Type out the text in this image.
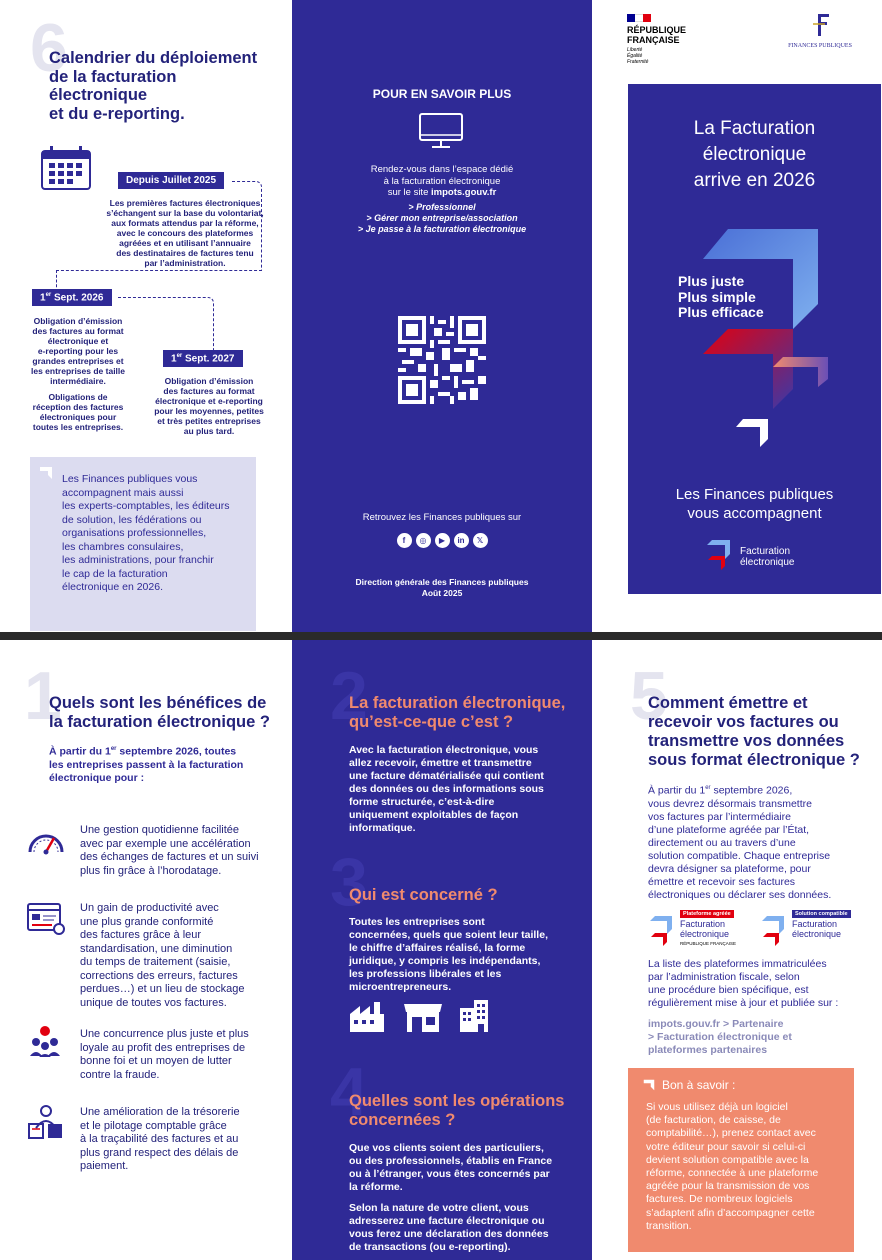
6
Calendrier du déploiement
de la facturation
électronique
et du e-reporting.
Depuis Juillet 2025
Les premières factures électroniques
s’échangent sur la base du volontariat,
aux formats attendus par la réforme,
avec le concours des plateformes
agréées et en utilisant l’annuaire
des destinataires de factures tenu
par l’administration.
1er Sept. 2026
Obligation d’émission
des factures au format
électronique et
e-reporting pour les
grandes entreprises et
les entreprises de taille
intermédiaire.
Obligations de
réception des factures
électroniques pour
toutes les entreprises.
1er Sept. 2027
Obligation d’émission
des factures au format
électronique et e-reporting
pour les moyennes, petites
et très petites entreprises
au plus tard.
Les Finances publiques vous
accompagnent mais aussi
les experts-comptables, les éditeurs
de solution, les fédérations ou
organisations professionnelles,
les chambres consulaires,
les administrations, pour franchir
le cap de la facturation
électronique en 2026.
POUR EN SAVOIR PLUS
Rendez-vous dans l’espace dédié
à la facturation électronique
sur le site impots.gouv.fr
> Professionnel
> Gérer mon entreprise/association
> Je passe à la facturation électronique
Retrouvez les Finances publiques sur
f ◎ ▶ in 𝕏
Direction générale des Finances publiques
Août 2025
RÉPUBLIQUE
FRANÇAISE
Liberté
Égalité
Fraternité
FINANCES PUBLIQUES
La Facturation
électronique
arrive en 2026
Plus juste
Plus simple
Plus efficace
Les Finances publiques
vous accompagnent
Facturation
électronique
1
Quels sont les bénéfices de
la facturation électronique ?
À partir du 1er septembre 2026, toutes
les entreprises passent à la facturation
électronique pour :
Une gestion quotidienne facilitée
avec par exemple une accélération
des échanges de factures et un suivi
plus fin grâce à l’horodatage.
Un gain de productivité avec
une plus grande conformité
des factures grâce à leur
standardisation, une diminution
du temps de traitement (saisie,
corrections des erreurs, factures
perdues…) et un lieu de stockage
unique de toutes vos factures.
Une concurrence plus juste et plus
loyale au profit des entreprises de
bonne foi et un moyen de lutter
contre la fraude.
Une amélioration de la trésorerie
et le pilotage comptable grâce
à la traçabilité des factures et au
plus grand respect des délais de
paiement.
2
La facturation électronique,
qu’est-ce-que c’est ?
Avec la facturation électronique, vous
allez recevoir, émettre et transmettre
une facture dématérialisée qui contient
des données ou des informations sous
forme structurée, c’est-à-dire
uniquement exploitables de façon
informatique.
3
Qui est concerné ?
Toutes les entreprises sont
concernées, quels que soient leur taille,
le chiffre d’affaires réalisé, la forme
juridique, y compris les indépendants,
les professions libérales et les
microentrepreneurs.
4
Quelles sont les opérations
concernées ?
Que vos clients soient des particuliers,
ou des professionnels, établis en France
ou à l’étranger, vous êtes concernés par
la réforme.
Selon la nature de votre client, vous
adresserez une facture électronique ou
vous ferez une déclaration des données
de transactions (ou e-reporting).
5
Comment émettre et
recevoir vos factures ou
transmettre vos données
sous format électronique ?
À partir du 1er septembre 2026,
vous devrez désormais transmettre
vos factures par l’intermédiaire
d’une plateforme agréée par l’État,
directement ou au travers d’une
solution compatible. Chaque entreprise
devra désigner sa plateforme, pour
émettre et recevoir ses factures
électroniques ou déclarer ses données.
Plateforme agréée
Facturation
électronique
RÉPUBLIQUE FRANÇAISE
Solution compatible
Facturation
électronique
La liste des plateformes immatriculées
par l’administration fiscale, selon
une procédure bien spécifique, est
régulièrement mise à jour et publiée sur :
impots.gouv.fr > Partenaire
> Facturation électronique et
plateformes partenaires
Bon à savoir :
Si vous utilisez déjà un logiciel
(de facturation, de caisse, de
comptabilité…), prenez contact avec
votre éditeur pour savoir si celui-ci
devient solution compatible avec la
réforme, connectée à une plateforme
agréée pour la transmission de vos
factures. De nombreux logiciels
s’adaptent afin d’accompagner cette
transition.
